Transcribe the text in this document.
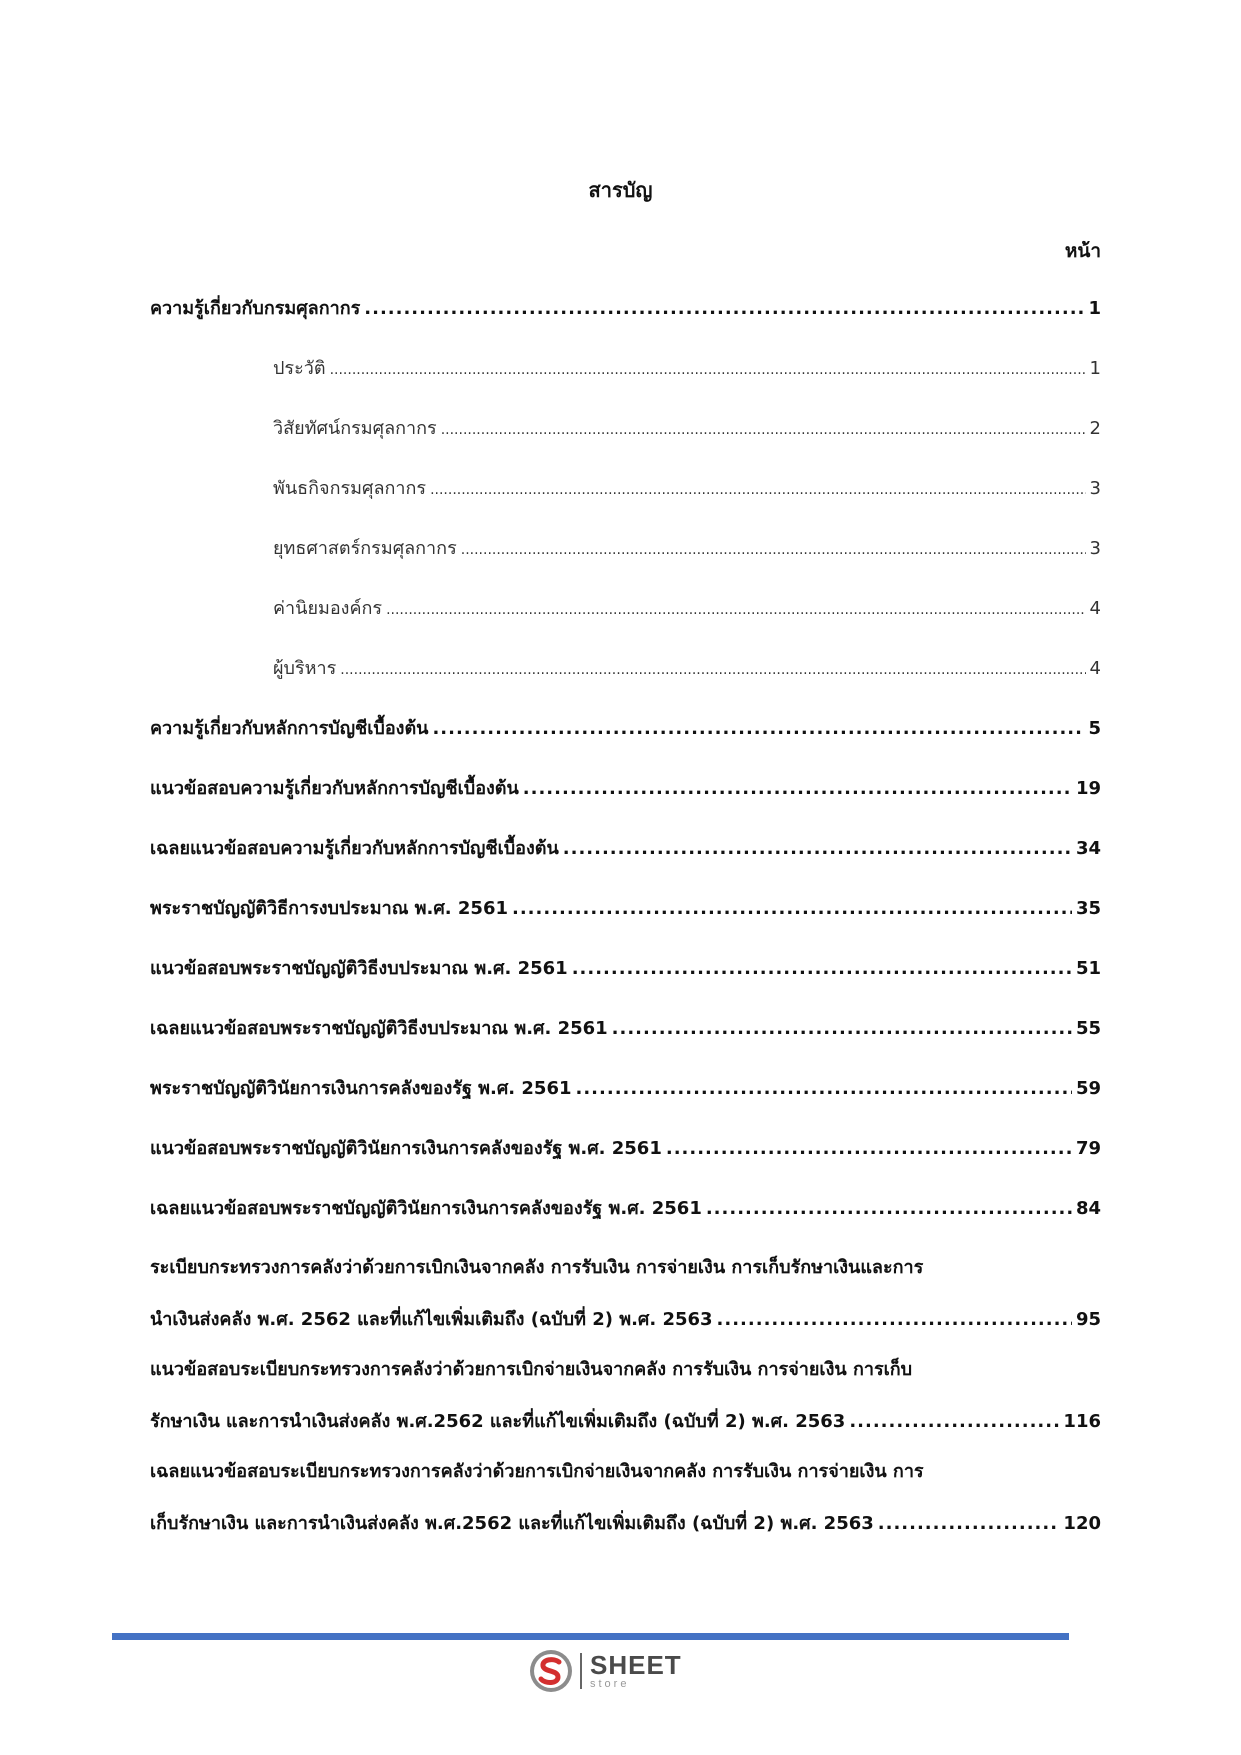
สารบัญ
หน้า
ความรู้เกี่ยวกับกรมศุลกากร .....	1
ประวัติ .....	1
วิสัยทัศน์กรมศุลกากร .....	2
พันธกิจกรมศุลกากร .....	3
ยุทธศาสตร์กรมศุลกากร .....	3
ค่านิยมองค์กร .....	4
ผู้บริหาร .....	4
ความรู้เกี่ยวกับหลักการบัญชีเบื้องต้น .....	5
แนวข้อสอบความรู้เกี่ยวกับหลักการบัญชีเบื้องต้น .....	19
เฉลยแนวข้อสอบความรู้เกี่ยวกับหลักการบัญชีเบื้องต้น .....	34
พระราชบัญญัติวิธีการงบประมาณ พ.ศ. 2561 .....	35
แนวข้อสอบพระราชบัญญัติวิธีงบประมาณ พ.ศ. 2561 .....	51
เฉลยแนวข้อสอบพระราชบัญญัติวิธีงบประมาณ พ.ศ. 2561 .....	55
พระราชบัญญัติวินัยการเงินการคลังของรัฐ พ.ศ. 2561 .....	59
แนวข้อสอบพระราชบัญญัติวินัยการเงินการคลังของรัฐ พ.ศ. 2561 .....	79
เฉลยแนวข้อสอบพระราชบัญญัติวินัยการเงินการคลังของรัฐ พ.ศ. 2561 .....	84
ระเบียบกระทรวงการคลังว่าด้วยการเบิกเงินจากคลัง การรับเงิน การจ่ายเงิน การเก็บรักษาเงินและการ
นำเงินส่งคลัง พ.ศ. 2562 และที่แก้ไขเพิ่มเติมถึง (ฉบับที่ 2) พ.ศ. 2563 .....	95
แนวข้อสอบระเบียบกระทรวงการคลังว่าด้วยการเบิกจ่ายเงินจากคลัง การรับเงิน การจ่ายเงิน การเก็บ
รักษาเงิน และการนำเงินส่งคลัง พ.ศ.2562 และที่แก้ไขเพิ่มเติมถึง (ฉบับที่ 2) พ.ศ. 2563 .....	116
เฉลยแนวข้อสอบระเบียบกระทรวงการคลังว่าด้วยการเบิกจ่ายเงินจากคลัง การรับเงิน การจ่ายเงิน การ
เก็บรักษาเงิน และการนำเงินส่งคลัง พ.ศ.2562 และที่แก้ไขเพิ่มเติมถึง (ฉบับที่ 2) พ.ศ. 2563 .....	120
SHEET
store
